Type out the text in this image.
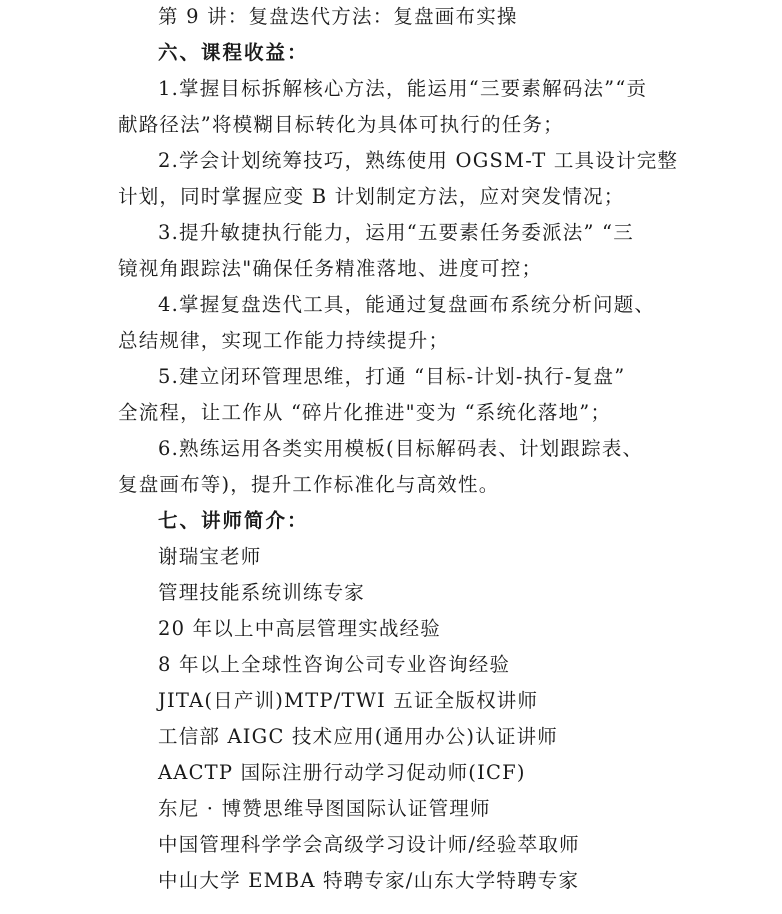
第 9 讲：复盘迭代方法：复盘画布实操
六、课程收益：
1.掌握目标拆解核心方法，能运用“三要素解码法”“贡
献路径法”将模糊目标转化为具体可执行的任务；
2.学会计划统筹技巧，熟练使用 OGSM-T 工具设计完整
计划，同时掌握应变 B 计划制定方法，应对突发情况；
3.提升敏捷执行能力，运用“五要素任务委派法” “三
镜视角跟踪法"确保任务精准落地、进度可控；
4.掌握复盘迭代工具，能通过复盘画布系统分析问题、
总结规律，实现工作能力持续提升；
5.建立闭环管理思维，打通 “目标-计划-执行-复盘”
全流程，让工作从 “碎片化推进"变为 “系统化落地”；
6.熟练运用各类实用模板(目标解码表、计划跟踪表、
复盘画布等)，提升工作标准化与高效性。
七、讲师简介：
谢瑞宝老师
管理技能系统训练专家
20 年以上中高层管理实战经验
8 年以上全球性咨询公司专业咨询经验
JITA(日产训)MTP/TWI 五证全版权讲师
工信部 AIGC 技术应用(通用办公)认证讲师
AACTP 国际注册行动学习促动师(ICF)
东尼 · 博赞思维导图国际认证管理师
中国管理科学学会高级学习设计师/经验萃取师
中山大学 EMBA 特聘专家/山东大学特聘专家
